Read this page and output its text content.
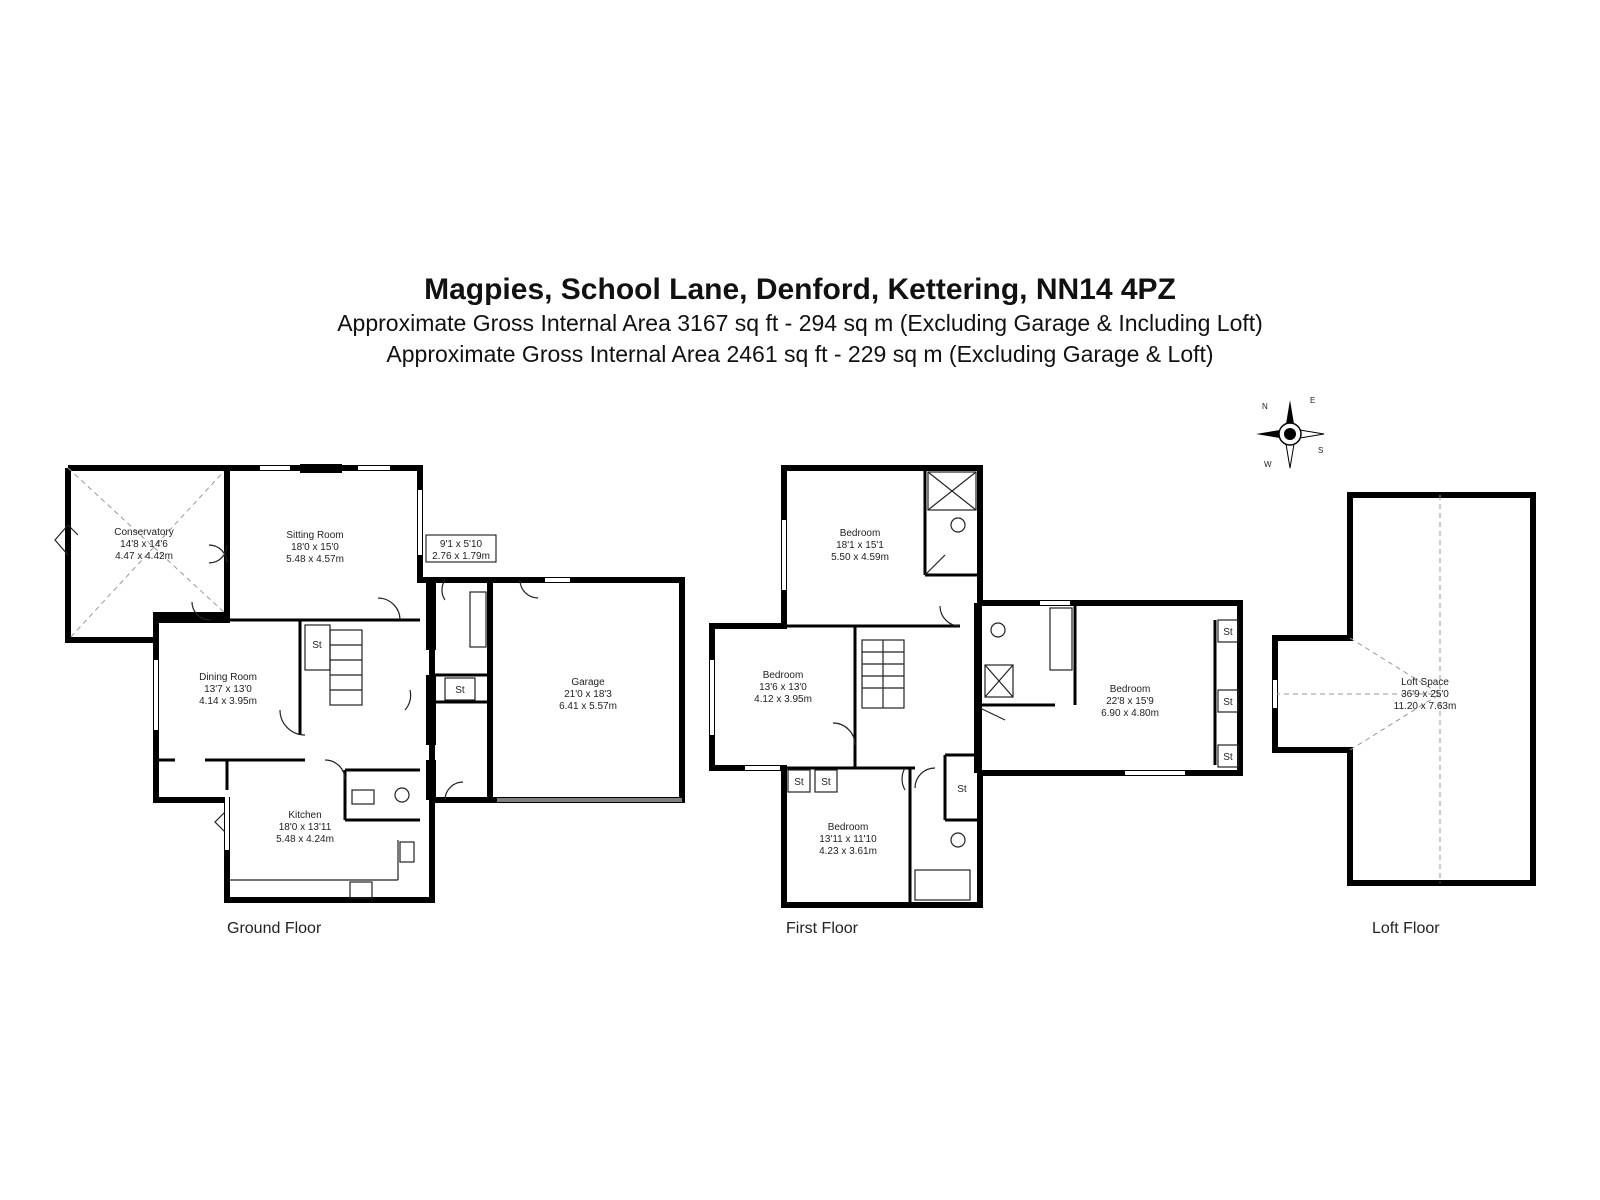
Magpies, School Lane, Denford, Kettering, NN14 4PZ

Approximate Gross Internal Area 3167 sq ft - 294 sq m (Excluding Garage & Including Loft)

Approximate Gross Internal Area 2461 sq ft - 229 sq m (Excluding Garage & Loft)

N
E
S
W
Conservatory
14'8 x 14'6
4.47 x 4.42m
St
Dining Room
13'7 x 13'0
4.14 x 3.95m
Sitting Room
18'0 x 15'0
5.48 x 4.57m
Kitchen
18'0 x 13'11
5.48 x 4.24m
St
9'1 x 5'10
2.76 x 1.79m
Garage
21'0 x 18'3
6.41 x 5.57m
Bedroom
18'1 x 15'1
5.50 x 4.59m
Bedroom
13'6 x 13'0
4.12 x 3.95m
St
St
St
Bedroom
22'8 x 15'9
6.90 x 4.80m
St St
St
Bedroom
13'11 x 11'10
4.23 x 3.61m
Loft Space
36'9 x 25'0
11.20 x 7.63m
Ground Floor	First Floor	Loft Floor
